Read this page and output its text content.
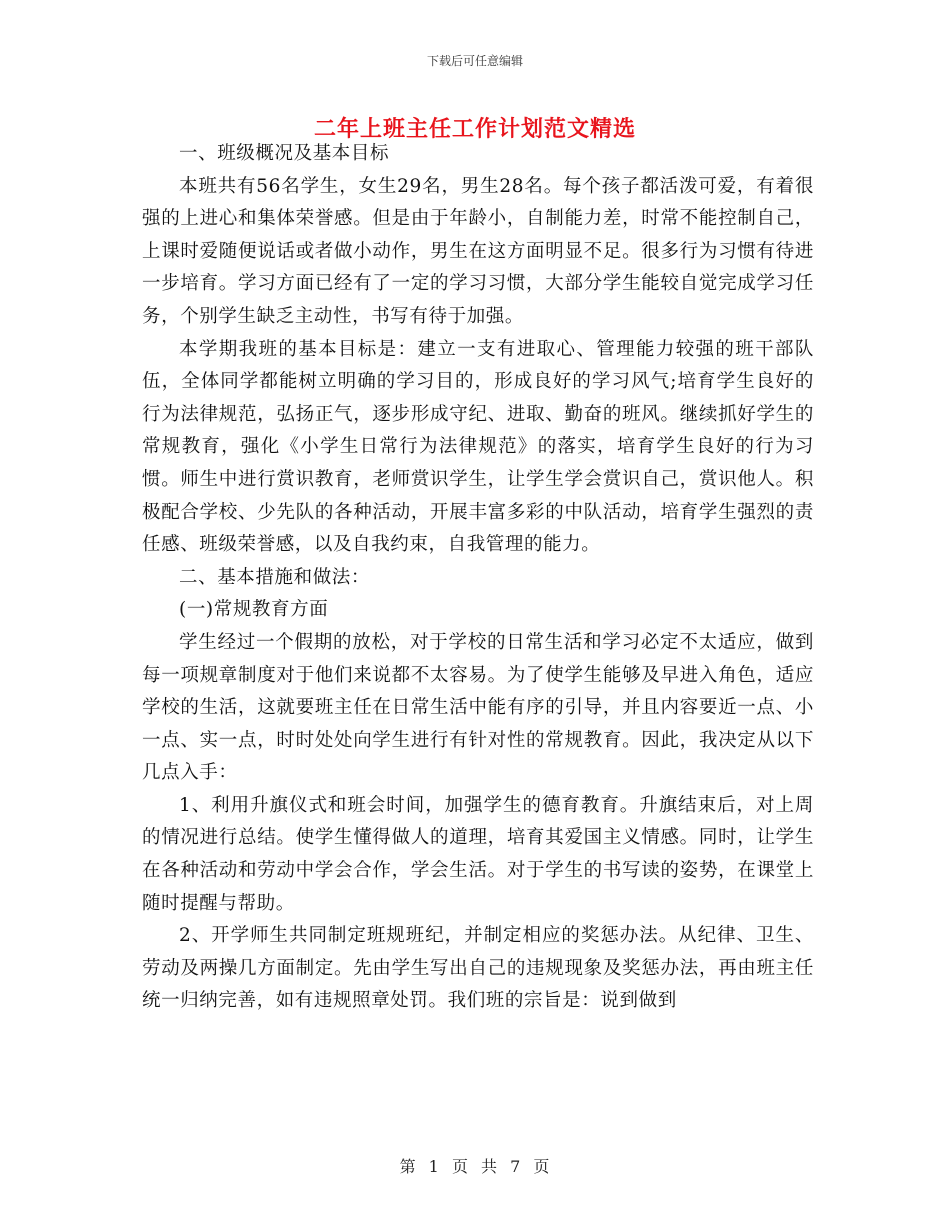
下载后可任意编辑
二年上班主任工作计划范文精选

一、班级概况及基本目标

本班共有56名学生，女生29名，男生28名。每个孩子都活泼可爱，有着很强的上进心和集体荣誉感。但是由于年龄小，自制能力差，时常不能控制自己，上课时爱随便说话或者做小动作，男生在这方面明显不足。很多行为习惯有待进一步培育。学习方面已经有了一定的学习习惯，大部分学生能较自觉完成学习任务，个别学生缺乏主动性，书写有待于加强。

本学期我班的基本目标是：建立一支有进取心、管理能力较强的班干部队伍，全体同学都能树立明确的学习目的，形成良好的学习风气;培育学生良好的行为法律规范，弘扬正气，逐步形成守纪、进取、勤奋的班风。继续抓好学生的常规教育，强化《小学生日常行为法律规范》的落实，培育学生良好的行为习惯。师生中进行赏识教育，老师赏识学生，让学生学会赏识自己，赏识他人。积极配合学校、少先队的各种活动，开展丰富多彩的中队活动，培育学生强烈的责任感、班级荣誉感，以及自我约束，自我管理的能力。

二、基本措施和做法：

(一)常规教育方面

学生经过一个假期的放松，对于学校的日常生活和学习必定不太适应，做到每一项规章制度对于他们来说都不太容易。为了使学生能够及早进入角色，适应学校的生活，这就要班主任在日常生活中能有序的引导，并且内容要近一点、小一点、实一点，时时处处向学生进行有针对性的常规教育。因此，我决定从以下几点入手：

1、利用升旗仪式和班会时间，加强学生的德育教育。升旗结束后，对上周的情况进行总结。使学生懂得做人的道理，培育其爱国主义情感。同时，让学生在各种活动和劳动中学会合作，学会生活。对于学生的书写读的姿势，在课堂上随时提醒与帮助。

2、开学师生共同制定班规班纪，并制定相应的奖惩办法。从纪律、卫生、劳动及两操几方面制定。先由学生写出自己的违规现象及奖惩办法，再由班主任统一归纳完善，如有违规照章处罚。我们班的宗旨是：说到做到

第 1 页 共 7 页
